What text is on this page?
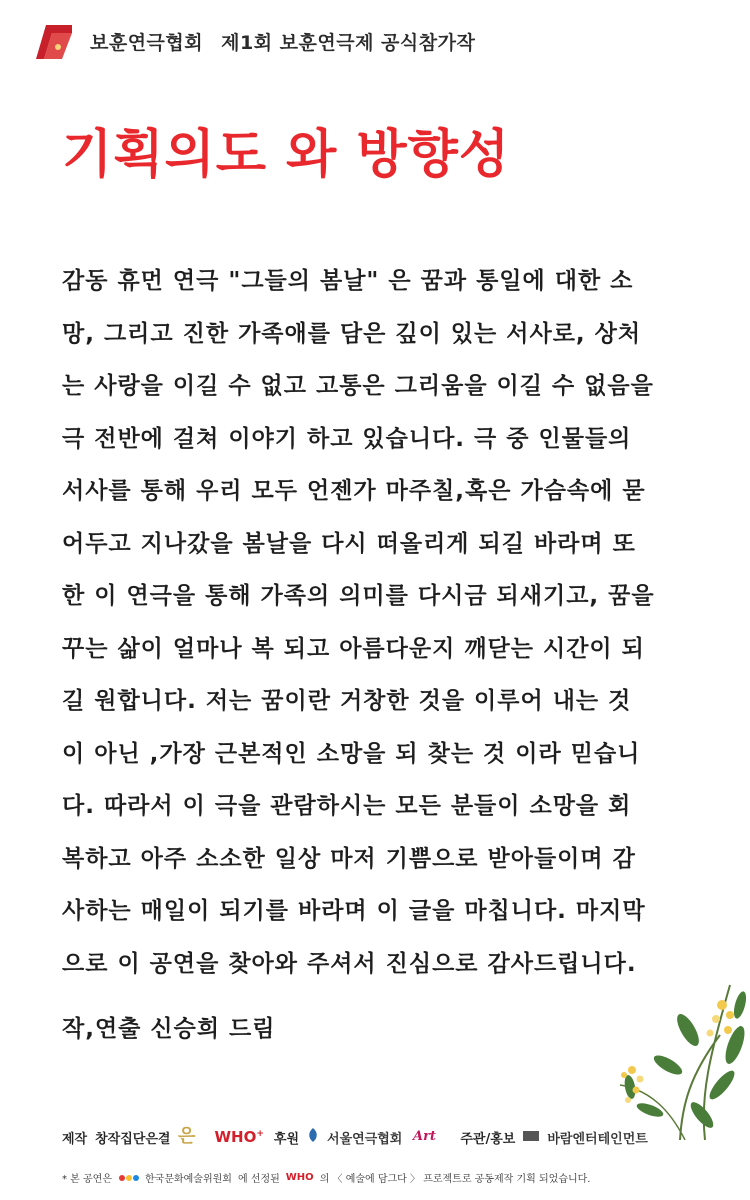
보훈연극협회 제1회 보훈연극제 공식참가작
기획의도 와 방향성
감동 휴먼 연극 "그들의 봄날" 은 꿈과 통일에 대한 소
망, 그리고 진한 가족애를 담은 깊이 있는 서사로, 상처
는 사랑을 이길 수 없고 고통은 그리움을 이길 수 없음을
극 전반에 걸쳐 이야기 하고 있습니다. 극 중 인물들의
서사를 통해 우리 모두 언젠가 마주칠,혹은 가슴속에 묻
어두고 지나갔을 봄날을 다시 떠올리게 되길 바라며 또
한 이 연극을 통해 가족의 의미를 다시금 되새기고, 꿈을
꾸는 삶이 얼마나 복 되고 아름다운지 깨닫는 시간이 되
길 원합니다. 저는 꿈이란 거창한 것을 이루어 내는 것
이 아닌 ,가장 근본적인 소망을 되 찾는 것 이라 믿습니
다. 따라서 이 극을 관람하시는 모든 분들이 소망을 회
복하고 아주 소소한 일상 마저 기쁨으로 받아들이며 감
사하는 매일이 되기를 바라며 이 글을 마칩니다. 마지막
으로 이 공연을 찾아와 주셔서 진심으로 감사드립니다.
작,연출 신승희 드림
제작 창작집단은결 은 WHO+ 후원 서울연극협회 Art 주관/홍보 바람엔터테인먼트
* 본 공연은	한국문화예술위원회 에 선정된 WHO 의 〈 예술에 담그다 〉 프로젝트로 공동제작 기획 되었습니다.
